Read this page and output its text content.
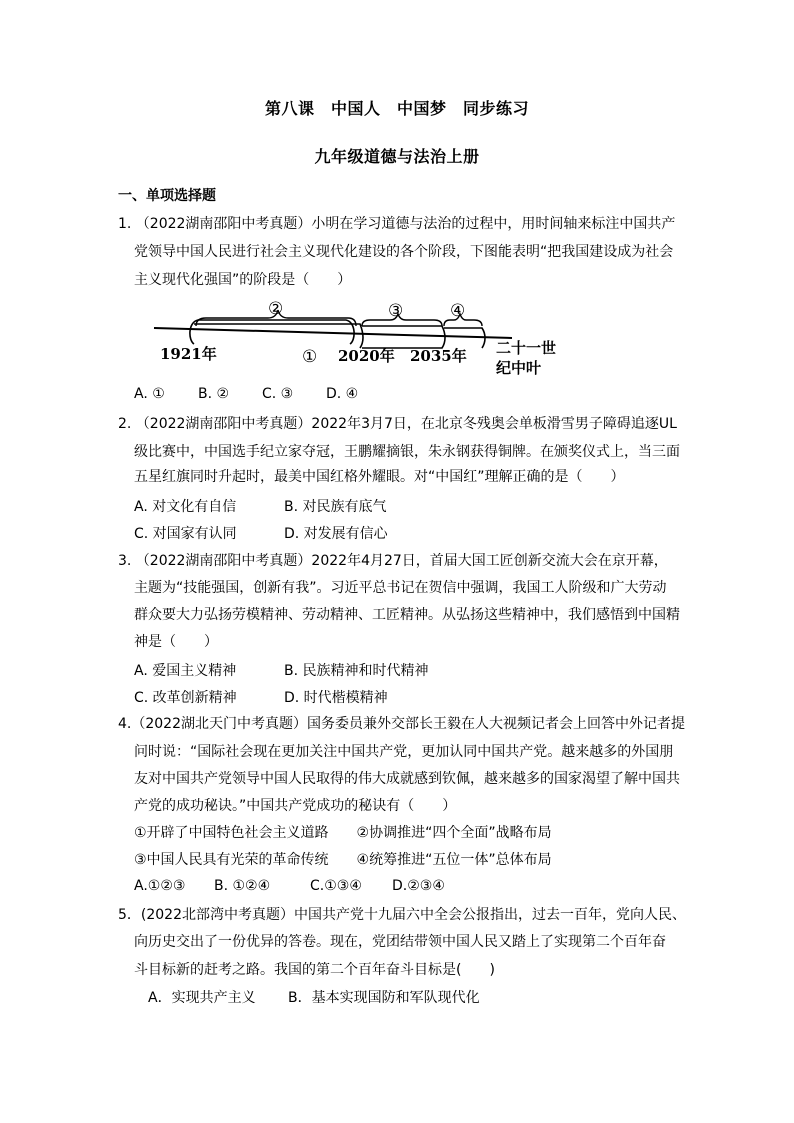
第八课　中国人　中国梦　同步练习
九年级道德与法治上册
一、单项选择题
1. （2022湖南邵阳中考真题）小明在学习道德与法治的过程中，用时间轴来标注中国共产
党领导中国人民进行社会主义现代化建设的各个阶段，下图能表明“把我国建设成为社会
主义现代化强国”的阶段是（　　）
②	③	④
①
1921年	2020年 2035年 二十一世
纪中叶
A. ① B. ② C. ③ D. ④
2. （2022湖南邵阳中考真题）2022年3月7日，在北京冬残奥会单板滑雪男子障碍追逐UL
级比赛中，中国选手纪立家夺冠，王鹏耀摘银，朱永钢获得铜牌。在颁奖仪式上，当三面
五星红旗同时升起时，最美中国红格外耀眼。对“中国红”理解正确的是（　　）
A. 对文化有自信	B. 对民族有底气
C. 对国家有认同	D. 对发展有信心
3. （2022湖南邵阳中考真题）2022年4月27日，首届大国工匠创新交流大会在京开幕，
主题为“技能强国，创新有我”。习近平总书记在贺信中强调，我国工人阶级和广大劳动
群众要大力弘扬劳模精神、劳动精神、工匠精神。从弘扬这些精神中，我们感悟到中国精
神是（　　）
A. 爱国主义精神	B. 民族精神和时代精神
C. 改革创新精神	D. 时代楷模精神
4.（2022湖北天门中考真题）国务委员兼外交部长王毅在人大视频记者会上回答中外记者提
问时说：“国际社会现在更加关注中国共产党，更加认同中国共产党。越来越多的外国朋
友对中国共产党领导中国人民取得的伟大成就感到钦佩，越来越多的国家渴望了解中国共
产党的成功秘诀。”中国共产党成功的秘诀有（　　）
①开辟了中国特色社会主义道路　　②协调推进“四个全面”战略布局
③中国人民具有光荣的革命传统　　④统筹推进“五位一体”总体布局
A.①②③ B. ①②④	C.①③④ D.②③④
5．(2022北部湾中考真题）中国共产党十九届六中全会公报指出，过去一百年，党向人民、
向历史交出了一份优异的答卷。现在，党团结带领中国人民又踏上了实现第二个百年奋
斗目标新的赶考之路。我国的第二个百年奋斗目标是(　　)
A．实现共产主义 B．基本实现国防和军队现代化
